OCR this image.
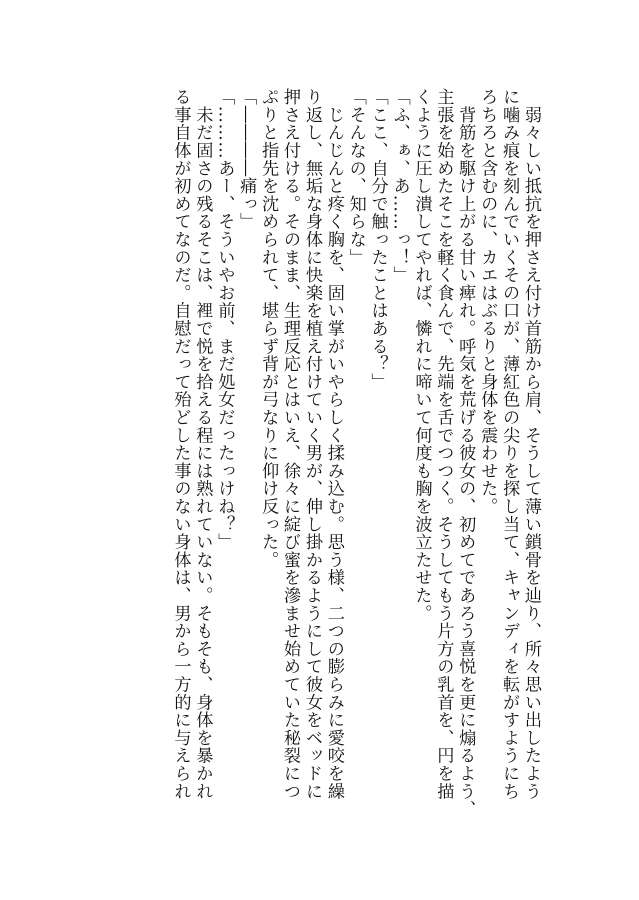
　弱々しい抵抗を押さえ付け首筋から肩、そうして薄い鎖骨を辿り、所々思い出したよう
に噛み痕を刻んでいくその口が、薄紅色の尖りを探し当て、キャンディを転がすようにち
ろちろと含むのに、カエはぶるりと身体を震わせた。
　背筋を駆け上がる甘い痺れ。呼気を荒げる彼女の、初めてであろう喜悦を更に煽るよう、
主張を始めたそこを軽く食んで、先端を舌でつつく。そうしてもう片方の乳首を、円を描
くように圧し潰してやれば、憐れに啼いて何度も胸を波立たせた。
「ふ、ぁ、あ……っ！」
「ここ、自分で触ったことはある？」
「そんなの、知らな」
　じんじんと疼く胸を、固い掌がいやらしく揉み込む。思う様、二つの膨らみに愛咬を繰
り返し、無垢な身体に快楽を植え付けていく男が、伸し掛かるようにして彼女をベッドに
押さえ付ける。そのまま、生理反応とはいえ、徐々に綻び蜜を滲ませ始めていた秘裂につ
ぷりと指先を沈められて、堪らず背が弓なりに仰け反った。
「――――痛っ」
「………あー、そういやお前、まだ処女だったっけね？」
　未だ固さの残るそこは、裡で悦を拾える程には熟れていない。そもそも、身体を暴かれ
る事自体が初めてなのだ。自慰だって殆どした事のない身体は、男から一方的に与えられ
